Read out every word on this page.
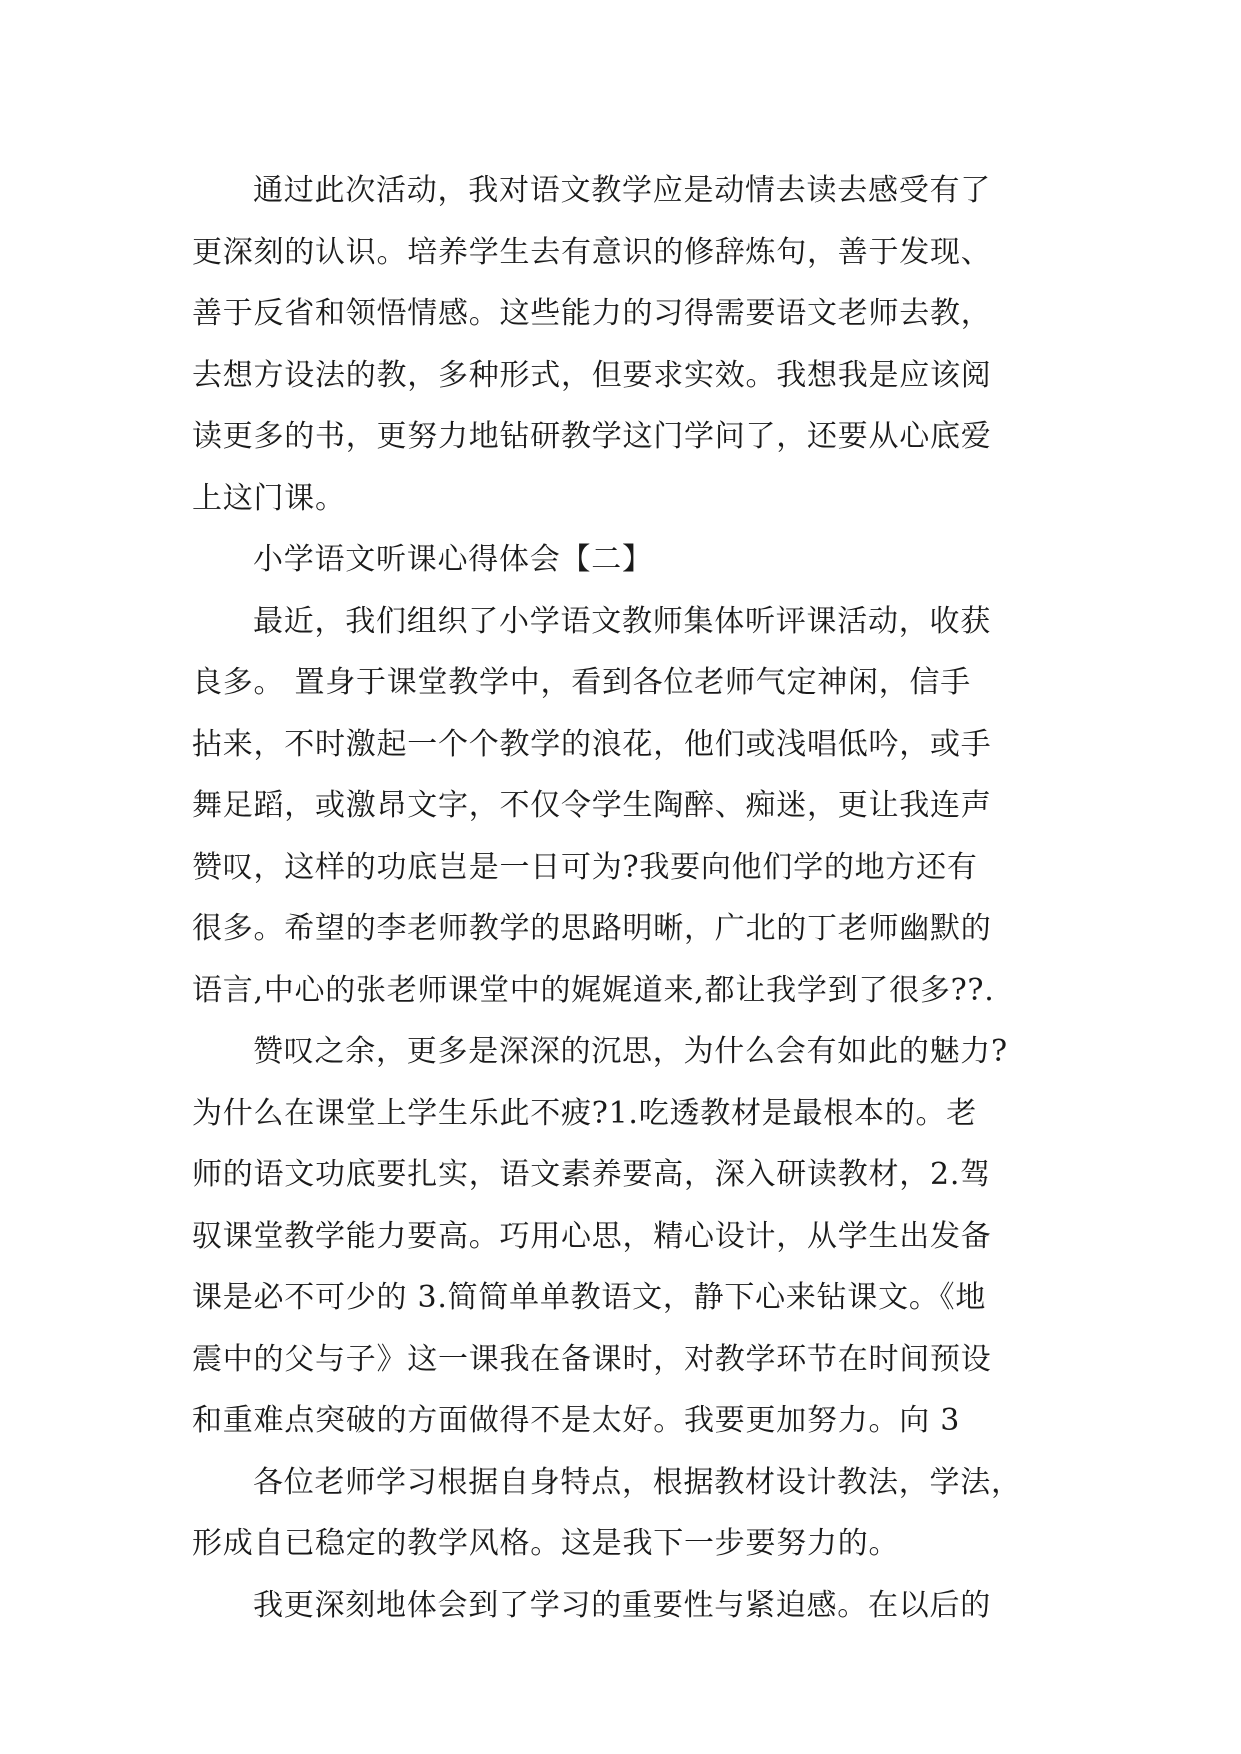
通过此次活动，我对语文教学应是动情去读去感受有了
更深刻的认识。培养学生去有意识的修辞炼句，善于发现、
善于反省和领悟情感。这些能力的习得需要语文老师去教，
去想方设法的教，多种形式，但要求实效。我想我是应该阅
读更多的书，更努力地钻研教学这门学问了，还要从心底爱
上这门课。
小学语文听课心得体会【二】
最近，我们组织了小学语文教师集体听评课活动，收获
良多。 置身于课堂教学中，看到各位老师气定神闲，信手
拈来，不时激起一个个教学的浪花，他们或浅唱低吟，或手
舞足蹈，或激昂文字，不仅令学生陶醉、痴迷，更让我连声
赞叹，这样的功底岂是一日可为?我要向他们学的地方还有
很多。希望的李老师教学的思路明晰，广北的丁老师幽默的
语言,中心的张老师课堂中的娓娓道来,都让我学到了很多??.
赞叹之余，更多是深深的沉思，为什么会有如此的魅力?
为什么在课堂上学生乐此不疲?1.吃透教材是最根本的。老
师的语文功底要扎实，语文素养要高，深入研读教材，2.驾
驭课堂教学能力要高。巧用心思，精心设计，从学生出发备
课是必不可少的 3.简简单单教语文，静下心来钻课文。《地
震中的父与子》这一课我在备课时，对教学环节在时间预设
和重难点突破的方面做得不是太好。我要更加努力。向 3
各位老师学习根据自身特点，根据教材设计教法，学法，
形成自已稳定的教学风格。这是我下一步要努力的。
我更深刻地体会到了学习的重要性与紧迫感。在以后的
